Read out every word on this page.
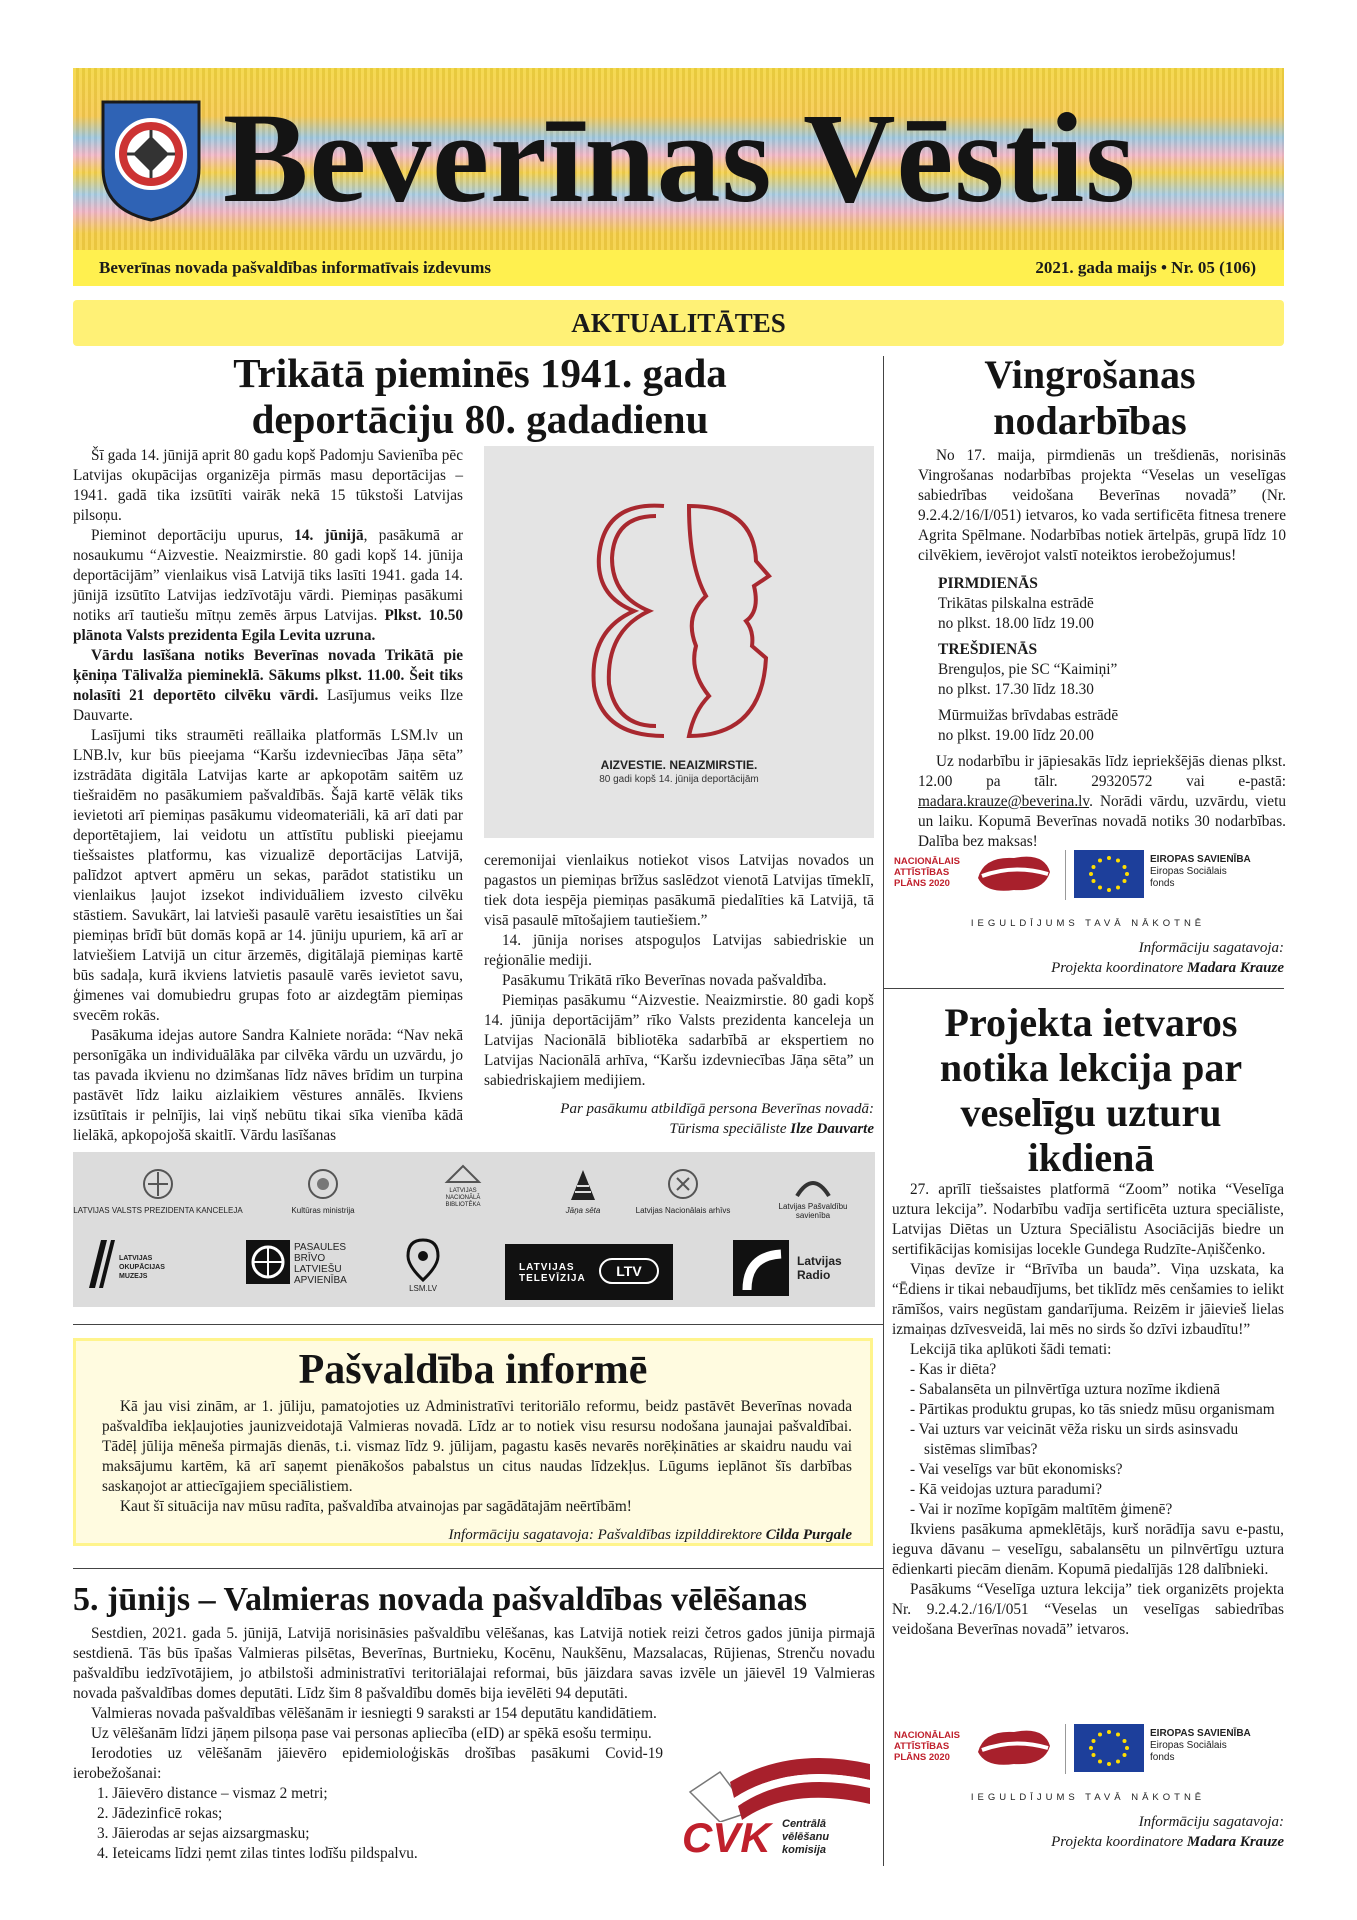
Beverīnas Vēstis
Beverīnas novada pašvaldības informatīvais izdevums	2021. gada maijs • Nr. 05 (106)
AKTUALITĀTES
Trikātā pieminēs 1941. gada deportāciju 80. gadadienu

Šī gada 14. jūnijā aprit 80 gadu kopš Padomju Savienība pēc Latvijas okupācijas organizēja pirmās masu deportācijas – 1941. gadā tika izsūtīti vairāk nekā 15 tūkstoši Latvijas pilsoņu.

Pieminot deportāciju upurus, 14. jūnijā, pasākumā ar nosaukumu “Aizvestie. Neaizmirstie. 80 gadi kopš 14. jūnija deportācijām” vienlaikus visā Latvijā tiks lasīti 1941. gada 14. jūnijā izsūtīto Latvijas iedzīvotāju vārdi. Piemiņas pasākumi notiks arī tautiešu mītņu zemēs ārpus Latvijas. Plkst. 10.50 plānota Valsts prezidenta Egila Levita uzruna.

Vārdu lasīšana notiks Beverīnas novada Trikātā pie ķēniņa Tālivalža piemineklā. Sākums plkst. 11.00. Šeit tiks nolasīti 21 deportēto cilvēku vārdi. Lasījumus veiks Ilze Dauvarte.

Lasījumi tiks straumēti reāllaika platformās LSM.lv un LNB.lv, kur būs pieejama “Karšu izdevniecības Jāņa sēta” izstrādāta digitāla Latvijas karte ar apkopotām saitēm uz tiešraidēm no pasākumiem pašvaldībās. Šajā kartē vēlāk tiks ievietoti arī piemiņas pasākumu videomateriāli, kā arī dati par deportētajiem, lai veidotu un attīstītu publiski pieejamu tiešsaistes platformu, kas vizualizē deportācijas Latvijā, palīdzot aptvert apmēru un sekas, parādot statistiku un vienlaikus ļaujot izsekot individuāliem izvesto cilvēku stāstiem. Savukārt, lai latvieši pasaulē varētu iesaistīties un šai piemiņas brīdī būt domās kopā ar 14. jūniju upuriem, kā arī ar latviešiem Latvijā un citur ārzemēs, digitālajā piemiņas kartē būs sadaļa, kurā ikviens latvietis pasaulē varēs ievietot savu, ģimenes vai domubiedru grupas foto ar aizdegtām piemiņas svecēm rokās.

Pasākuma idejas autore Sandra Kalniete norāda: “Nav nekā personīgāka un individuālāka par cilvēka vārdu un uzvārdu, jo tas pavada ikvienu no dzimšanas līdz nāves brīdim un turpina pastāvēt līdz laiku aizlaikiem vēstures annālēs. Ikviens izsūtītais ir pelnījis, lai viņš nebūtu tikai sīka vienība kādā lielākā, apkopojošā skaitlī. Vārdu lasīšanas

AIZVESTIE. NEAIZMIRSTIE.
80 gadi kopš 14. jūnija deportācijām

ceremonijai vienlaikus notiekot visos Latvijas novados un pagastos un piemiņas brīžus saslēdzot vienotā Latvijas tīmeklī, tiek dota iespēja piemiņas pasākumā piedalīties kā Latvijā, tā visā pasaulē mītošajiem tautiešiem.”

14. jūnija norises atspoguļos Latvijas sabiedriskie un reģionālie mediji.

Pasākumu Trikātā rīko Beverīnas novada pašvaldība.

Piemiņas pasākumu “Aizvestie. Neaizmirstie. 80 gadi kopš 14. jūnija deportācijām” rīko Valsts prezidenta kanceleja un Latvijas Nacionālā bibliotēka sadarbībā ar ekspertiem no Latvijas Nacionālā arhīva, “Karšu izdevniecības Jāņa sēta” un sabiedriskajiem medijiem.

Par pasākumu atbildīgā persona Beverīnas novadā:
Tūrisma speciāliste Ilze Dauvarte
LATVIJAS VALSTS PREZIDENTA KANCELEJA	Kultūras ministrija
LATVIJAS NACIONĀLĀ BIBLIOTĒKA
Jāņa sēta	Latvijas Nacionālais arhīvs	Latvijas Pašvaldību savienība
LATVIJAS OKUPĀCIJAS MUZEJS
PASAULES BRĪVO LATVIEŠU APVIENĪBA
LSM.LV
LATVIJAS TELEVĪZIJA	LTV
Latvijas Radio
Pašvaldība informē

Kā jau visi zinām, ar 1. jūliju, pamatojoties uz Administratīvi teritoriālo reformu, beidz pastāvēt Beverīnas novada pašvaldība iekļaujoties jaunizveidotajā Valmieras novadā. Līdz ar to notiek visu resursu nodošana jaunajai pašvaldībai. Tādēļ jūlija mēneša pirmajās dienās, t.i. vismaz līdz 9. jūlijam, pagastu kasēs nevarēs norēķināties ar skaidru naudu vai maksājumu kartēm, kā arī saņemt pienākošos pabalstus un citus naudas līdzekļus. Lūgums ieplānot šīs darbības saskaņojot ar attiecīgajiem speciālistiem.

Kaut šī situācija nav mūsu radīta, pašvaldība atvainojas par sagādātajām neērtībām!

Informāciju sagatavoja: Pašvaldības izpilddirektore Cilda Purgale
5. jūnijs – Valmieras novada pašvaldības vēlēšanas

Sestdien, 2021. gada 5. jūnijā, Latvijā norisināsies pašvaldību vēlēšanas, kas Latvijā notiek reizi četros gados jūnija pirmajā sestdienā. Tās būs īpašas Valmieras pilsētas, Beverīnas, Burtnieku, Kocēnu, Naukšēnu, Mazsalacas, Rūjienas, Strenču novadu pašvaldību iedzīvotājiem, jo atbilstoši administratīvi teritoriālajai reformai, būs jāizdara savas izvēle un jāievēl 19 Valmieras novada pašvaldības domes deputāti. Līdz šim 8 pašvaldību domēs bija ievēlēti 94 deputāti.

Valmieras novada pašvaldības vēlēšanām ir iesniegti 9 saraksti ar 154 deputātu kandidātiem.

Uz vēlēšanām līdzi jāņem pilsoņa pase vai personas apliecība (eID) ar spēkā esošu termiņu.

Ierodoties uz vēlēšanām jāievēro epidemioloģiskās drošības pasākumi Covid-19 ierobežošanai:

1. Jāievēro distance – vismaz 2 metri;
2. Jādezinficē rokas;
3. Jāierodas ar sejas aizsargmasku;
4. Ieteicams līdzi ņemt zilas tintes lodīšu pildspalvu.	CVK Centrālā
vēlēšanu
komisija
Vingrošanas nodarbības

No 17. maija, pirmdienās un trešdienās, norisinās Vingrošanas nodarbības projekta “Veselas un veselīgas sabiedrības veidošana Beverīnas novadā” (Nr. 9.2.4.2/16/I/051) ietvaros, ko vada sertificēta fitnesa trenere Agrita Spēlmane. Nodarbības notiek ārtelpās, grupā līdz 10 cilvēkiem, ievērojot valstī noteiktos ierobežojumus!

PIRMDIENĀS
Trikātas pilskalna estrādē
no plkst. 18.00 līdz 19.00
TREŠDIENĀS
Brenguļos, pie SC “Kaimiņi”
no plkst. 17.30 līdz 18.30
Mūrmuižas brīvdabas estrādē
no plkst. 19.00 līdz 20.00

Uz nodarbību ir jāpiesakās līdz iepriekšējās dienas plkst. 12.00 pa tālr. 29320572 vai e-pastā: madara.krauze@beverina.lv. Norādi vārdu, uzvārdu, vietu un laiku. Kopumā Beverīnas novadā notiks 30 nodarbības. Dalība bez maksas!

NACIONĀLAIS
ATTĪSTĪBAS
PLĀNS 2020
EIROPAS SAVIENĪBA
Eiropas Sociālais
fonds
IEGULDĪJUMS TAVĀ NĀKOTNĒ
Informāciju sagatavoja:
Projekta koordinatore Madara Krauze
Projekta ietvaros notika lekcija par veselīgu uzturu ikdienā

27. aprīlī tiešsaistes platformā “Zoom” notika “Veselīga uztura lekcija”. Nodarbību vadīja sertificēta uztura speciāliste, Latvijas Diētas un Uztura Speciālistu Asociācijās biedre un sertifikācijas komisijas locekle Gundega Rudzīte-Aņiščenko.

Viņas devīze ir “Brīvība un bauda”. Viņa uzskata, ka “Ēdiens ir tikai nebaudījums, bet tiklīdz mēs cenšamies to ielikt rāmīšos, vairs negūstam gandarījuma. Reizēm ir jāievieš lielas izmaiņas dzīvesveidā, lai mēs no sirds šo dzīvi izbaudītu!”

Lekcijā tika aplūkoti šādi temati:

- Kas ir diēta?
- Sabalansēta un pilnvērtīga uztura nozīme ikdienā
- Pārtikas produktu grupas, ko tās sniedz mūsu organismam
- Vai uzturs var veicināt vēža risku un sirds asinsvadu sistēmas slimības?
- Vai veselīgs var būt ekonomisks?
- Kā veidojas uztura paradumi?
- Vai ir nozīme kopīgām maltītēm ģimenē?

Ikviens pasākuma apmeklētājs, kurš norādīja savu e-pastu, ieguva dāvanu – veselīgu, sabalansētu un pilnvērtīgu uztura ēdienkarti piecām dienām. Kopumā piedalījās 128 dalībnieki.

Pasākums “Veselīga uztura lekcija” tiek organizēts projekta Nr. 9.2.4.2./16/I/051 “Veselas un veselīgas sabiedrības veidošana Beverīnas novadā” ietvaros.

NACIONĀLAIS
ATTĪSTĪBAS
PLĀNS 2020
EIROPAS SAVIENĪBA
Eiropas Sociālais
fonds
IEGULDĪJUMS TAVĀ NĀKOTNĒ
Informāciju sagatavoja:
Projekta koordinatore Madara Krauze
